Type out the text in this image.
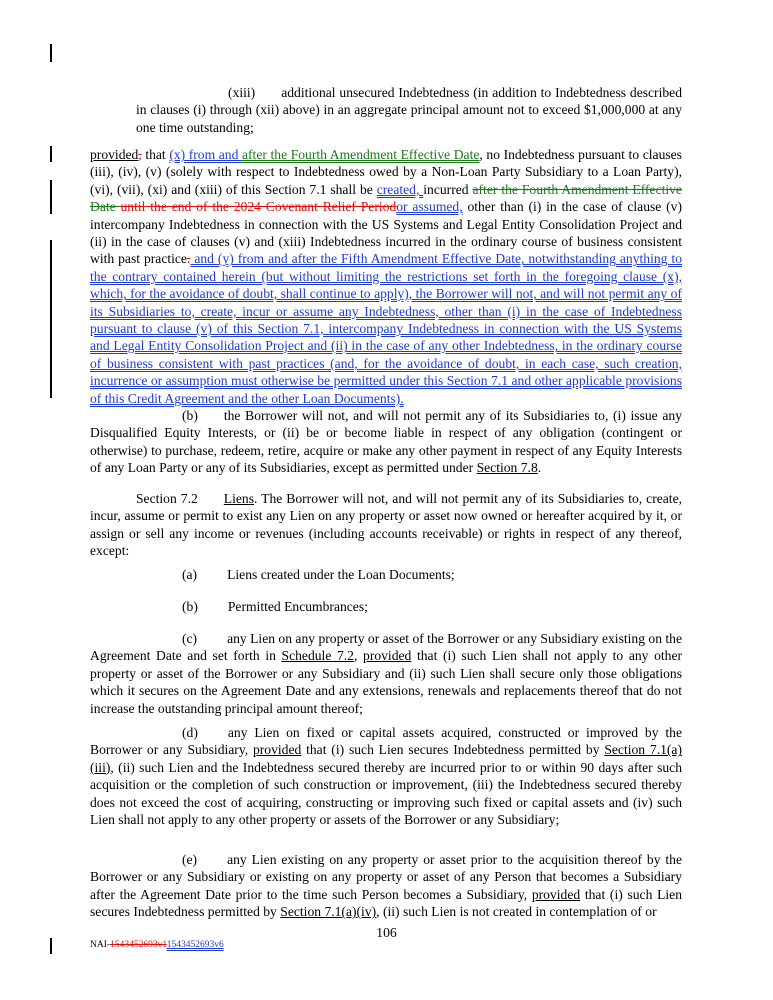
(xiii) additional unsecured Indebtedness (in addition to Indebtedness described in clauses (i) through (xii) above) in an aggregate principal amount not to exceed $1,000,000 at any one time outstanding;

provided, that (x) from and after the Fourth Amendment Effective Date, no Indebtedness pursuant to clauses (iii), (iv), (v) (solely with respect to Indebtedness owed by a Non-Loan Party Subsidiary to a Loan Party), (vi), (vii), (xi) and (xiii) of this Section 7.1 shall be created, incurred after the Fourth Amendment Effective Date until the end of the 2024 Covenant Relief Periodor assumed, other than (i) in the case of clause (v) intercompany Indebtedness in connection with the US Systems and Legal Entity Consolidation Project and (ii) in the case of clauses (v) and (xiii) Indebtedness incurred in the ordinary course of business consistent with past practice. and (y) from and after the Fifth Amendment Effective Date, notwithstanding anything to the contrary contained herein (but without limiting the restrictions set forth in the foregoing clause (x), which, for the avoidance of doubt, shall continue to apply), the Borrower will not, and will not permit any of its Subsidiaries to, create, incur or assume any Indebtedness, other than (i) in the case of Indebtedness pursuant to clause (v) of this Section 7.1, intercompany Indebtedness in connection with the US Systems and Legal Entity Consolidation Project and (ii) in the case of any other Indebtedness, in the ordinary course of business consistent with past practices (and, for the avoidance of doubt, in each case, such creation, incurrence or assumption must otherwise be permitted under this Section 7.1 and other applicable provisions of this Credit Agreement and the other Loan Documents).

(b) the Borrower will not, and will not permit any of its Subsidiaries to, (i) issue any Disqualified Equity Interests, or (ii) be or become liable in respect of any obligation (contingent or otherwise) to purchase, redeem, retire, acquire or make any other payment in respect of any Equity Interests of any Loan Party or any of its Subsidiaries, except as permitted under Section 7.8.

Section 7.2 Liens. The Borrower will not, and will not permit any of its Subsidiaries to, create, incur, assume or permit to exist any Lien on any property or asset now owned or hereafter acquired by it, or assign or sell any income or revenues (including accounts receivable) or rights in respect of any thereof, except:

(a) Liens created under the Loan Documents;

(b) Permitted Encumbrances;

(c) any Lien on any property or asset of the Borrower or any Subsidiary existing on the Agreement Date and set forth in Schedule 7.2, provided that (i) such Lien shall not apply to any other property or asset of the Borrower or any Subsidiary and (ii) such Lien shall secure only those obligations which it secures on the Agreement Date and any extensions, renewals and replacements thereof that do not increase the outstanding principal amount thereof;

(d) any Lien on fixed or capital assets acquired, constructed or improved by the Borrower or any Subsidiary, provided that (i) such Lien secures Indebtedness permitted by Section 7.1(a)(iii), (ii) such Lien and the Indebtedness secured thereby are incurred prior to or within 90 days after such acquisition or the completion of such construction or improvement, (iii) the Indebtedness secured thereby does not exceed the cost of acquiring, constructing or improving such fixed or capital assets and (iv) such Lien shall not apply to any other property or assets of the Borrower or any Subsidiary;

(e) any Lien existing on any property or asset prior to the acquisition thereof by the Borrower or any Subsidiary or existing on any property or asset of any Person that becomes a Subsidiary after the Agreement Date prior to the time such Person becomes a Subsidiary, provided that (i) such Lien secures Indebtedness permitted by Section 7.1(a)(iv), (ii) such Lien is not created in contemplation of or

106
NAI-1543452693v11543452693v6
